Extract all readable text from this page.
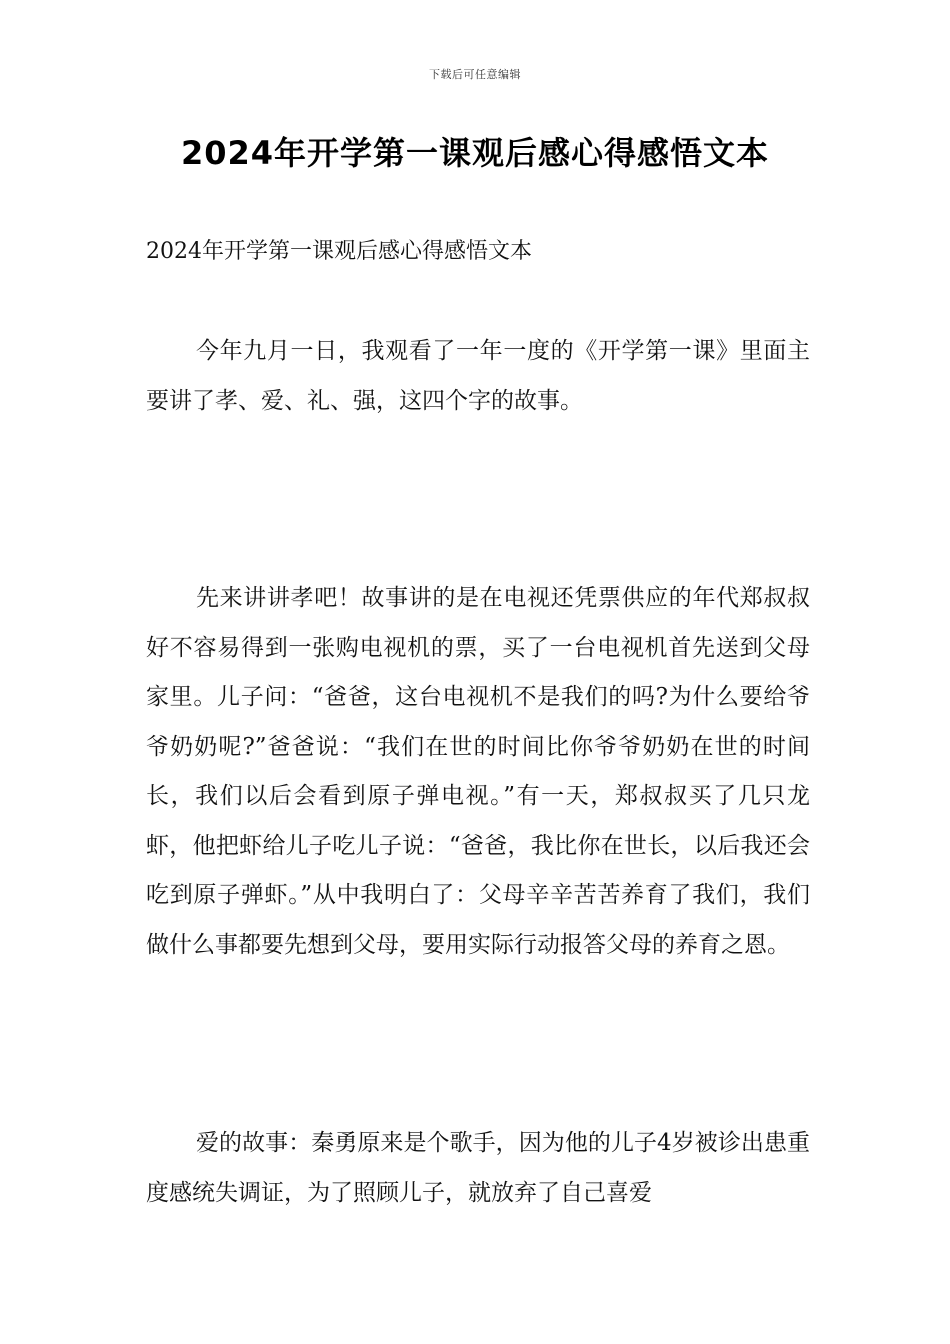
下载后可任意编辑
2024年开学第一课观后感心得感悟文本
2024年开学第一课观后感心得感悟文本

今年九月一日，我观看了一年一度的《开学第一课》里面主要讲了孝、爱、礼、强，这四个字的故事。

先来讲讲孝吧！故事讲的是在电视还凭票供应的年代郑叔叔好不容易得到一张购电视机的票，买了一台电视机首先送到父母家里。儿子问：“爸爸，这台电视机不是我们的吗?为什么要给爷爷奶奶呢?”爸爸说：“我们在世的时间比你爷爷奶奶在世的时间长，我们以后会看到原子弹电视。”有一天，郑叔叔买了几只龙虾，他把虾给儿子吃儿子说：“爸爸，我比你在世长，以后我还会吃到原子弹虾。”从中我明白了：父母辛辛苦苦养育了我们，我们做什么事都要先想到父母，要用实际行动报答父母的养育之恩。

爱的故事：秦勇原来是个歌手，因为他的儿子4岁被诊出患重度感统失调证，为了照顾儿子，就放弃了自己喜爱
